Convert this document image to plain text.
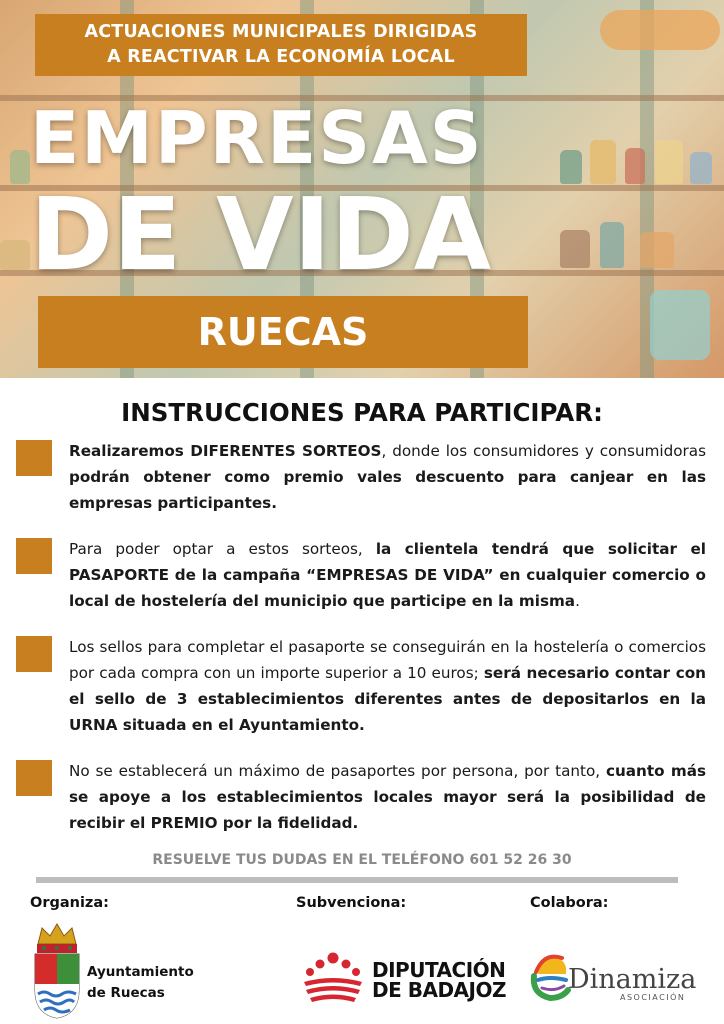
ACTUACIONES MUNICIPALES DIRIGIDAS
A REACTIVAR LA ECONOMÍA LOCAL
EMPRESAS
DE VIDA
RUECAS
INSTRUCCIONES PARA PARTICIPAR:
Realizaremos DIFERENTES SORTEOS, donde los consumidores y consumidoras podrán obtener como premio vales descuento para canjear en las empresas participantes.
Para poder optar a estos sorteos, la clientela tendrá que solicitar el PASAPORTE de la campaña “EMPRESAS DE VIDA” en cualquier comercio o local de hostelería del municipio que participe en la misma.
Los sellos para completar el pasaporte se conseguirán en la hostelería o comercios por cada compra con un importe superior a 10 euros; será necesario contar con el sello de 3 establecimientos diferentes antes de depositarlos en la URNA situada en el Ayuntamiento.
No se establecerá un máximo de pasaportes por persona, por tanto, cuanto más se apoye a los establecimientos locales mayor será la posibilidad de recibir el PREMIO por la fidelidad.
RESUELVE TUS DUDAS EN EL TELÉFONO 601 52 26 30
Organiza:	Subvenciona:	Colabora:
Ayuntamiento
de Ruecas
DIPUTACIÓN
DE BADAJOZ Dinamiza
ASOCIACIÓN
